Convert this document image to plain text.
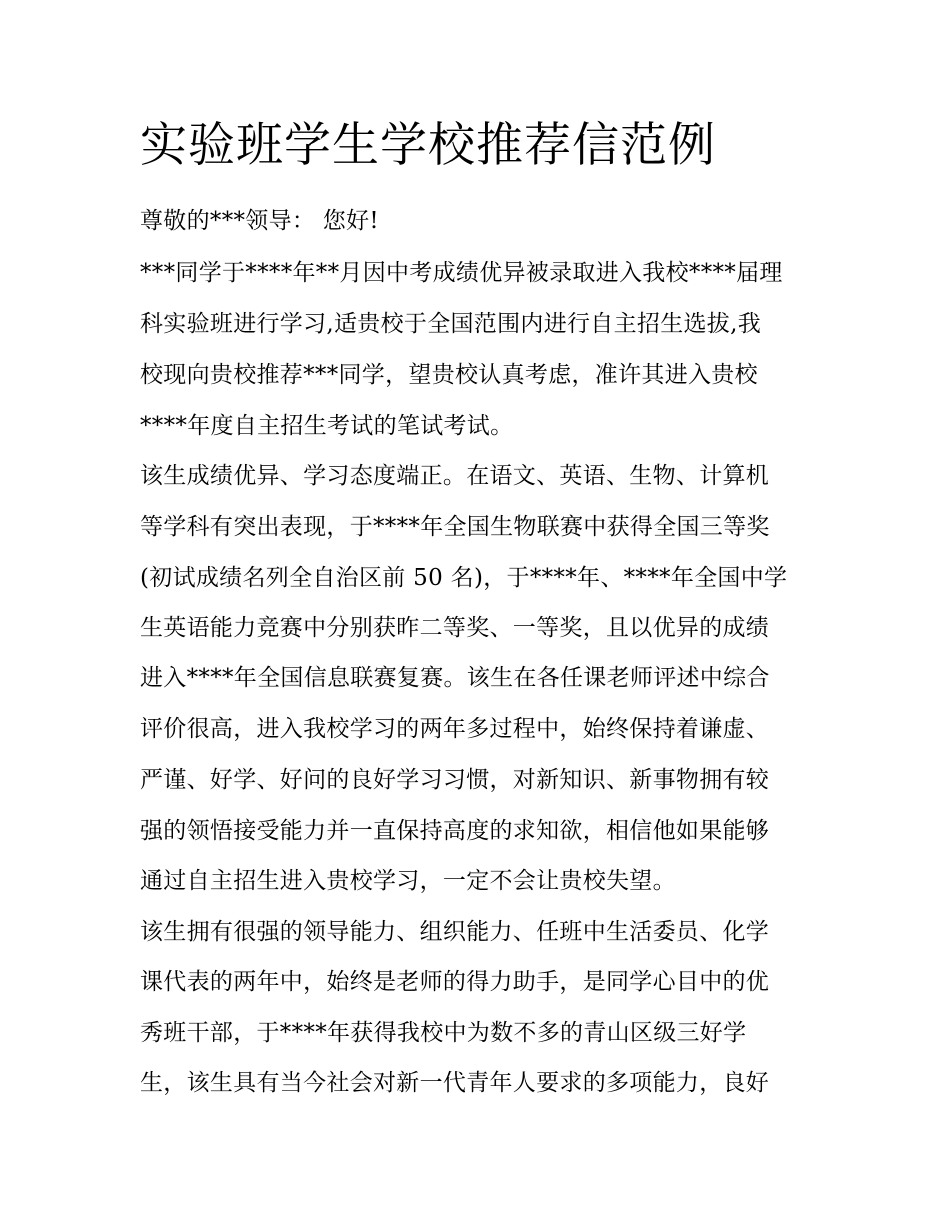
实验班学生学校推荐信范例

尊敬的***领导： 您好!

***同学于****年**月因中考成绩优异被录取进入我校****届理

科实验班进行学习,适贵校于全国范围内进行自主招生选拔,我

校现向贵校推荐***同学，望贵校认真考虑，准许其进入贵校

****年度自主招生考试的笔试考试。

该生成绩优异、学习态度端正。在语文、英语、生物、计算机

等学科有突出表现，于****年全国生物联赛中获得全国三等奖

(初试成绩名列全自治区前 50 名)，于****年、****年全国中学

生英语能力竞赛中分别获昨二等奖、一等奖，且以优异的成绩

进入****年全国信息联赛复赛。该生在各任课老师评述中综合

评价很高，进入我校学习的两年多过程中，始终保持着谦虚、

严谨、好学、好问的良好学习习惯，对新知识、新事物拥有较

强的领悟接受能力并一直保持高度的求知欲，相信他如果能够

通过自主招生进入贵校学习，一定不会让贵校失望。

该生拥有很强的领导能力、组织能力、任班中生活委员、化学

课代表的两年中，始终是老师的得力助手，是同学心目中的优

秀班干部，于****年获得我校中为数不多的青山区级三好学

生，该生具有当今社会对新一代青年人要求的多项能力，良好
